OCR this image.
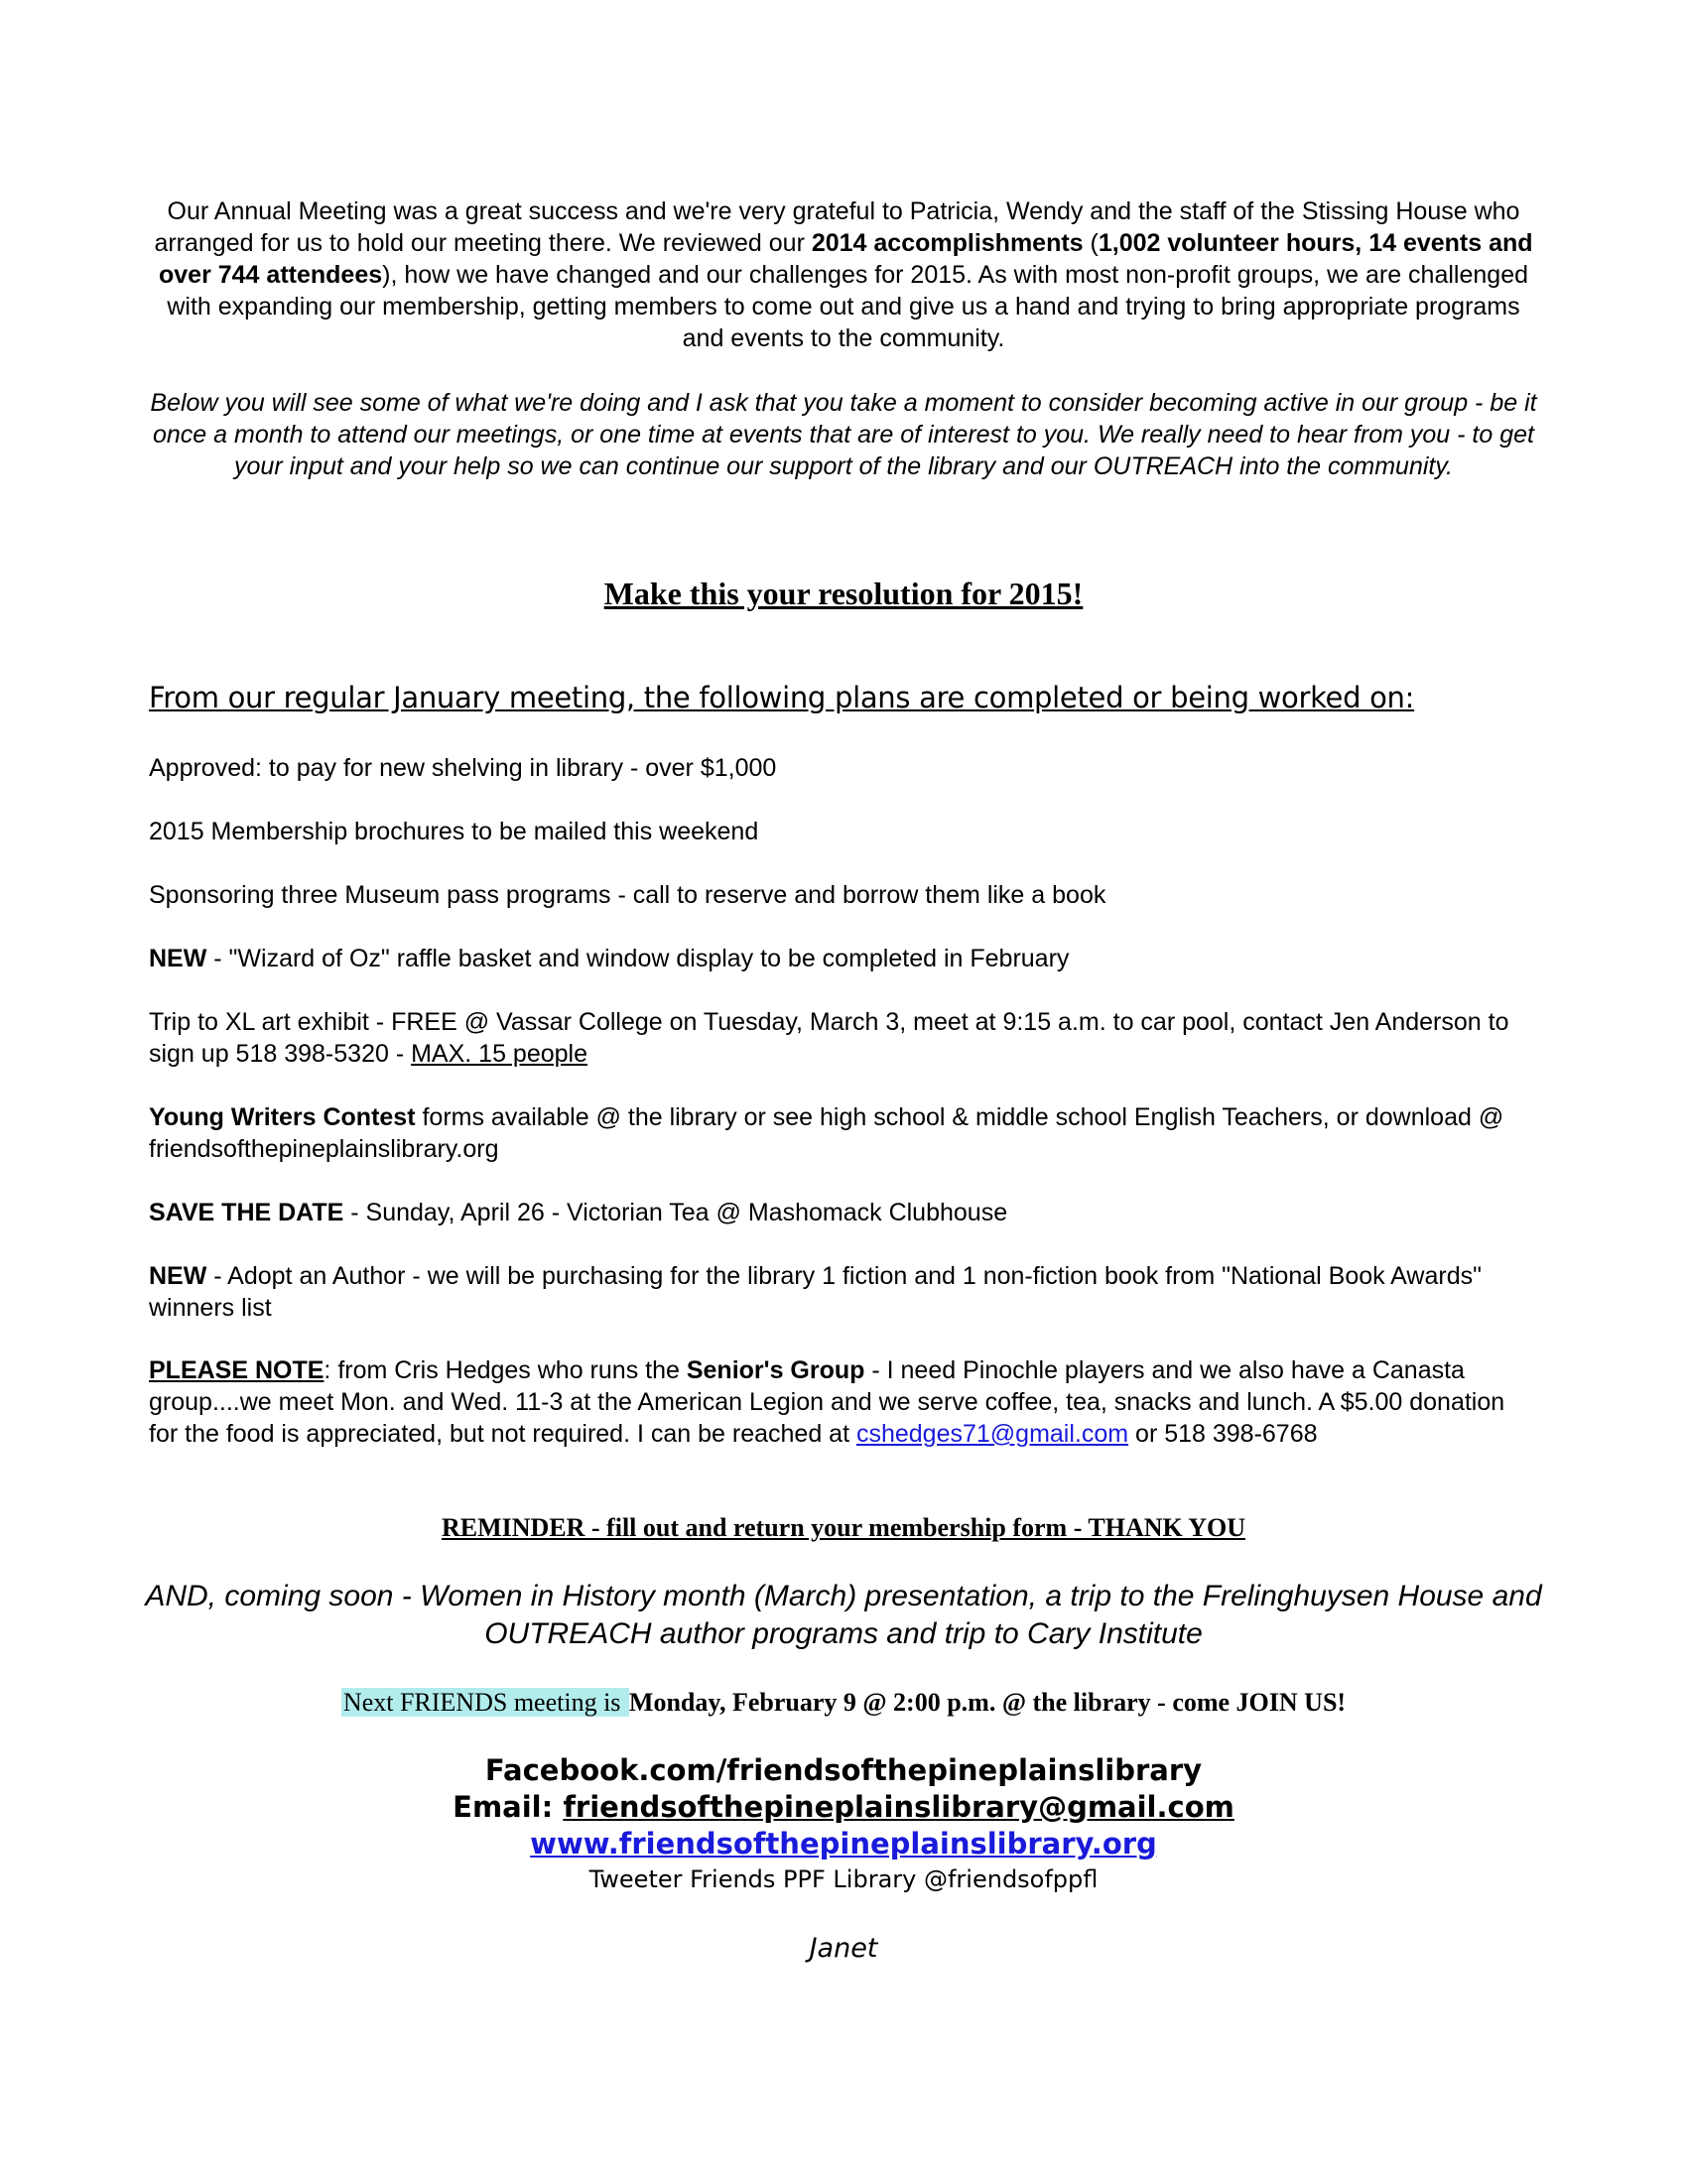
Our Annual Meeting was a great success and we're very grateful to Patricia, Wendy and the staff of the Stissing House who arranged for us to hold our meeting there. We reviewed our 2014 accomplishments (1,002 volunteer hours, 14 events and over 744 attendees), how we have changed and our challenges for 2015. As with most non-profit groups, we are challenged with expanding our membership, getting members to come out and give us a hand and trying to bring appropriate programs and events to the community.

Below you will see some of what we're doing and I ask that you take a moment to consider becoming active in our group - be it once a month to attend our meetings, or one time at events that are of interest to you. We really need to hear from you - to get your input and your help so we can continue our support of the library and our OUTREACH into the community.

Make this your resolution for 2015!
From our regular January meeting, the following plans are completed or being worked on:

Approved: to pay for new shelving in library - over $1,000

2015 Membership brochures to be mailed this weekend

Sponsoring three Museum pass programs - call to reserve and borrow them like a book

NEW - "Wizard of Oz" raffle basket and window display to be completed in February

Trip to XL art exhibit - FREE @ Vassar College on Tuesday, March 3, meet at 9:15 a.m. to car pool, contact Jen Anderson to sign up 518 398-5320 - MAX. 15 people

Young Writers Contest forms available @ the library or see high school & middle school English Teachers, or download @ friendsofthepineplainslibrary.org

SAVE THE DATE - Sunday, April 26 - Victorian Tea @ Mashomack Clubhouse

NEW - Adopt an Author - we will be purchasing for the library 1 fiction and 1 non-fiction book from "National Book Awards" winners list

PLEASE NOTE: from Cris Hedges who runs the Senior's Group - I need Pinochle players and we also have a Canasta group....we meet Mon. and Wed. 11-3 at the American Legion and we serve coffee, tea, snacks and lunch. A $5.00 donation for the food is appreciated, but not required. I can be reached at cshedges71@gmail.com or 518 398-6768

REMINDER - fill out and return your membership form - THANK YOU

AND, coming soon - Women in History month (March) presentation, a trip to the Frelinghuysen House and OUTREACH author programs and trip to Cary Institute

Next FRIENDS meeting is Monday, February 9 @ 2:00 p.m. @ the library - come JOIN US!
Facebook.com/friendsofthepineplainslibrary
Email: friendsofthepineplainslibrary@gmail.com
www.friendsofthepineplainslibrary.org
Tweeter Friends PPF Library @friendsofppfl
Janet
